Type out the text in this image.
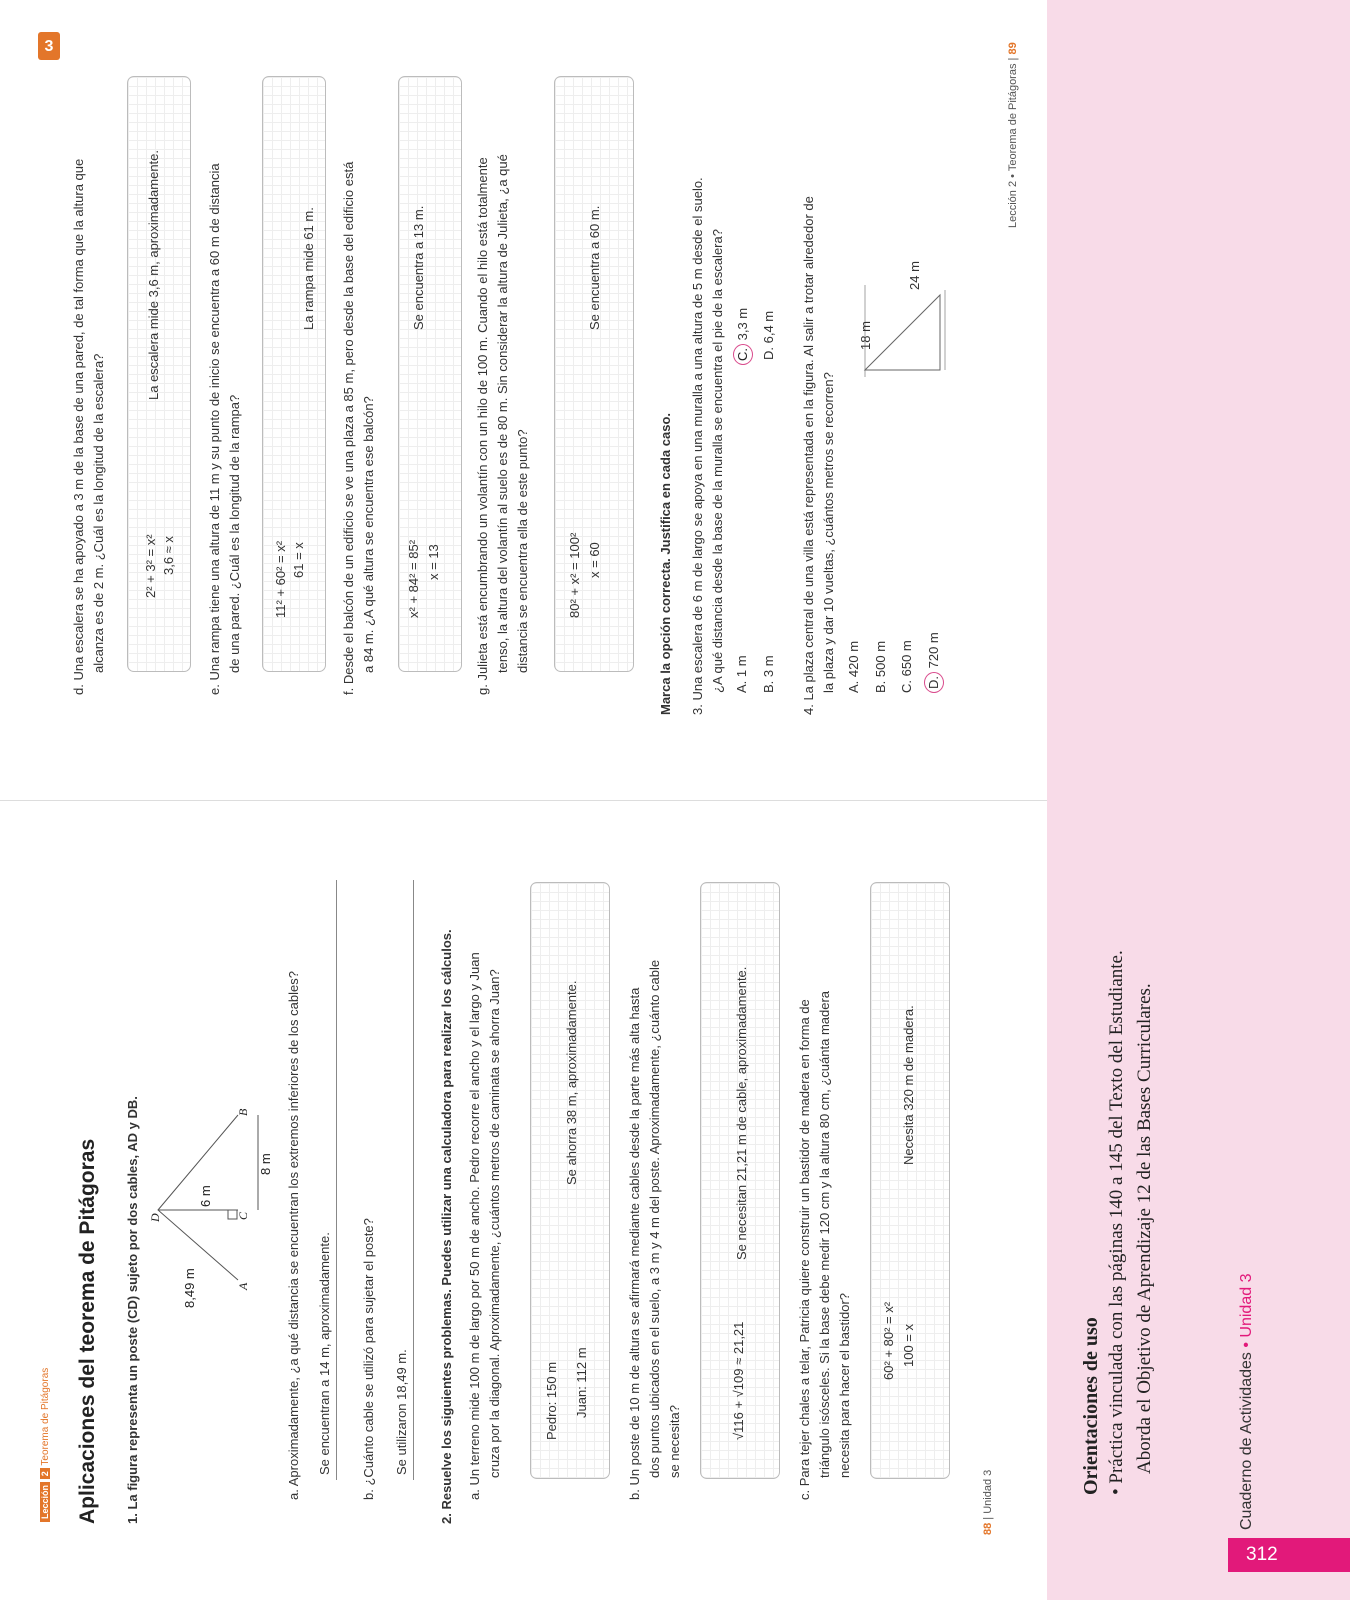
Orientaciones de uso • Práctica vinculada con las páginas 140 a 145 del Texto del Estudiante. Aborda el Objetivo de Aprendizaje 12 de las Bases Curriculares.	Cuaderno de Actividades • Unidad 3
312
Lección 2 Teorema de Pitágoras Aplicaciones del teorema de Pitágoras 1. La figura representa un poste (CD) sujeto por dos cables, AD y DB.	8,49 m
6 m
8 m
D
A
C
B	a. Aproximadamente, ¿a qué distancia se encuentran los extremos inferiores de los cables? Se encuentran a 14 m, aproximadamente. b. ¿Cuánto cable se utilizó para sujetar el poste? Se utilizaron 18,49 m. 2. Resuelve los siguientes problemas. Puedes utilizar una calculadora para realizar los cálculos. a. Un terreno mide 100 m de largo por 50 m de ancho. Pedro recorre el ancho y el largo y Juan cruza por la diagonal. Aproximadamente, ¿cuántos metros de caminata se ahorra Juan?	Pedro: 150 m Juan: 112 m
Se ahorra 38 m, aproximadamente.	b. Un poste de 10 m de altura se afirmará mediante cables desde la parte más alta hasta dos puntos ubicados en el suelo, a 3 m y 4 m del poste. Aproximadamente, ¿cuánto cable se necesita?
√116 + √109 ≈ 21,21
Se necesitan 21,21 m de cable, aproximadamente.	c. Para tejer chales a telar, Patricia quiere construir un bastidor de madera en forma de triángulo isósceles. Si la base debe medir 120 cm y la altura 80 cm, ¿cuánta madera necesita para hacer el bastidor? 60² + 80² = x² 100 = x
Necesita 320 m de madera.
88 | Unidad 3
3
d. Una escalera se ha apoyado a 3 m de la base de una pared, de tal forma que la altura que alcanza es de 2 m. ¿Cuál es la longitud de la escalera?	2² + 3² = x² 3,6 ≈ x
La escalera mide 3,6 m, aproximadamente.	e. Una rampa tiene una altura de 11 m y su punto de inicio se encuentra a 60 m de distancia de una pared. ¿Cuál es la longitud de la rampa? 11² + 60² = x² 61 = x
La rampa mide 61 m. f. Desde el balcón de un edificio se ve una plaza a 85 m, pero desde la base del edificio está a 84 m. ¿A qué altura se encuentra ese balcón? x² + 84² = 85² x = 13
Se encuentra a 13 m.	g. Julieta está encumbrando un volantín con un hilo de 100 m. Cuando el hilo está totalmente tenso, la altura del volantín al suelo es de 80 m. Sin considerar la altura de Julieta, ¿a qué distancia se encuentra ella de este punto?	80² + x² = 100² x = 60
Se encuentra a 60 m.
Marca la opción correcta. Justifica en cada caso. 3. Una escalera de 6 m de largo se apoya en una muralla a una altura de 5 m desde el suelo. ¿A qué distancia desde la base de la muralla se encuentra el pie de la escalera? A. 1 m
C. 3,3 m
B. 3 m
D. 6,4 m 4. La plaza central de una villa está representada en la figura. Al salir a trotar alrededor de la plaza y dar 10 vueltas, ¿cuántos metros se recorren? A. 420 m B. 500 m C. 650 m D. 720 m
18 m
24 m
Lección 2 • Teorema de Pitágoras | 89
